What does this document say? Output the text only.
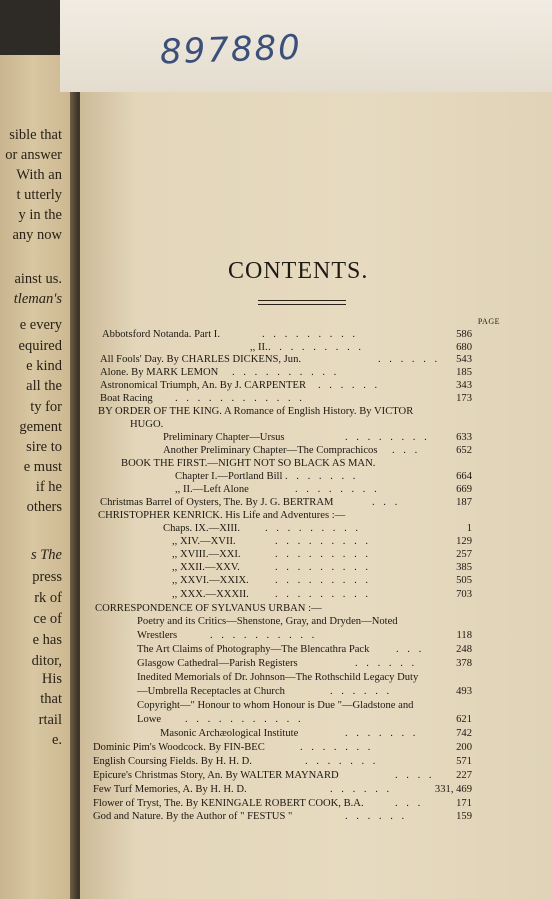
sible that
or answer
With an
t utterly
y in the
any now
ainst us.
tleman's
e every
equired
e kind
all the
ty for
gement
sire to
e must
if he
others
s The
press
rk of
ce of
e has
ditor,
His
that
rtail
e.
897880
CONTENTS.
PAGE
Abbotsford Notanda. Part I.	. . . . . . . . .	586
,, II. . . . . . . . . .	680
All Fools' Day. By CHARLES DICKENS, Jun.	. . . . . . 543
Alone. By MARK LEMON . . . . . . . . . .	185
Astronomical Triumph, An. By J. CARPENTER . . . . . .	343
Boat Racing . . . . . . . . . . . .	173
BY ORDER OF THE KING. A Romance of English History. By VICTOR
HUGO.
Preliminary Chapter—Ursus	. . . . . . . . 633
Another Preliminary Chapter—The Comprachicos . . .	652
BOOK THE FIRST.—NIGHT NOT SO BLACK AS MAN.
Chapter I.—Portland Bill . . . . . . .	664
,, II.—Left Alone	. . . . . . . .	669
Christmas Barrel of Oysters, The. By J. G. BERTRAM	. . .	187
CHRISTOPHER KENRICK. His Life and Adventures :—
Chaps. IX.—XIII. . . . . . . . . .	1
,, XIV.—XVII.	. . . . . . . . .	129
,, XVIII.—XXI.	. . . . . . . . .	257
,, XXII.—XXV.	. . . . . . . . .	385
,, XXVI.—XXIX. . . . . . . . . .	505
,, XXX.—XXXII. . . . . . . . . .	703
CORRESPONDENCE OF SYLVANUS URBAN :—
Poetry and its Critics—Shenstone, Gray, and Dryden—Noted
Wrestlers	. . . . . . . . . .	118
The Art Claims of Photography—The Blencathra Pack	. . .	248
Glasgow Cathedral—Parish Registers	. . . . . .	378
Inedited Memorials of Dr. Johnson—The Rothschild Legacy Duty
—Umbrella Receptacles at Church	. . . . . .	493
Copyright—" Honour to whom Honour is Due "—Gladstone and
Lowe . . . . . . . . . . .	621
Masonic Archæological Institute	. . . . . . .	742
Dominic Pim's Woodcock. By FIN-BEC	. . . . . . .	200
English Coursing Fields. By H. H. D.	. . . . . . .	571
Epicure's Christmas Story, An. By WALTER MAYNARD	. . . . 227
Few Turf Memories, A. By H. H. D.	. . . . . .	331, 469
Flower of Tryst, The. By KENINGALE ROBERT COOK, B.A.	. . .	171
God and Nature. By the Author of " FESTUS "	. . . . . .	159
